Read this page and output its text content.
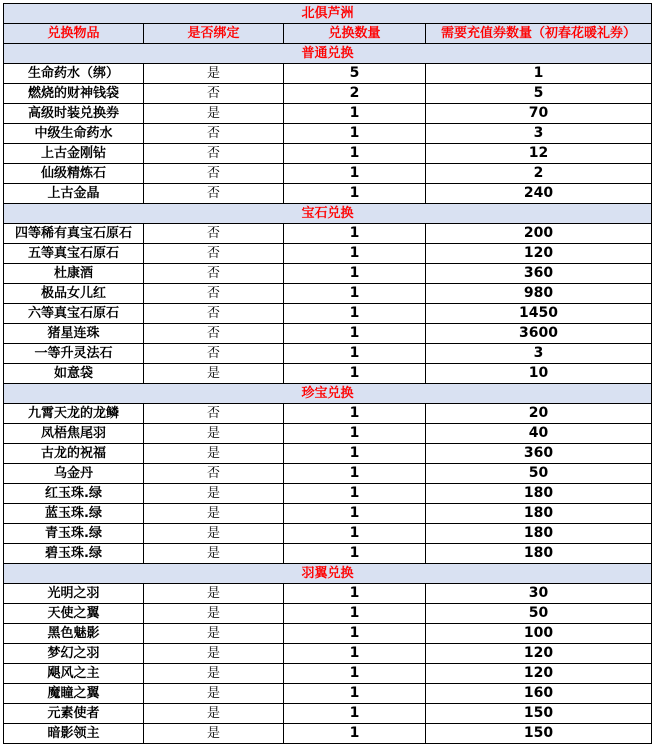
北俱芦洲			
兑换物品	是否绑定	兑换数量	需要充值券数量（初春花暖礼券）
普通兑换			
生命药水（绑）	是	5	1
燃烧的财神钱袋	否	2	5
高级时装兑换券	是	1	70
中级生命药水	否	1	3
上古金刚钻	否	1	12
仙级精炼石	否	1	2
上古金晶	否	1	240
宝石兑换			
四等稀有真宝石原石	否	1	200
五等真宝石原石	否	1	120
杜康酒	否	1	360
极品女儿红	否	1	980
六等真宝石原石	否	1	1450
猪星连珠	否	1	3600
一等升灵法石	否	1	3
如意袋	是	1	10
珍宝兑换			
九霄天龙的龙鳞	否	1	20
凤梧焦尾羽	是	1	40
古龙的祝福	是	1	360
乌金丹	否	1	50
红玉珠.绿	是	1	180
蓝玉珠.绿	是	1	180
青玉珠.绿	是	1	180
碧玉珠.绿	是	1	180
羽翼兑换			
光明之羽	是	1	30
天使之翼	是	1	50
黑色魅影	是	1	100
梦幻之羽	是	1	120
飓风之主	是	1	120
魔瞳之翼	是	1	160
元素使者	是	1	150
暗影领主	是	1	150
